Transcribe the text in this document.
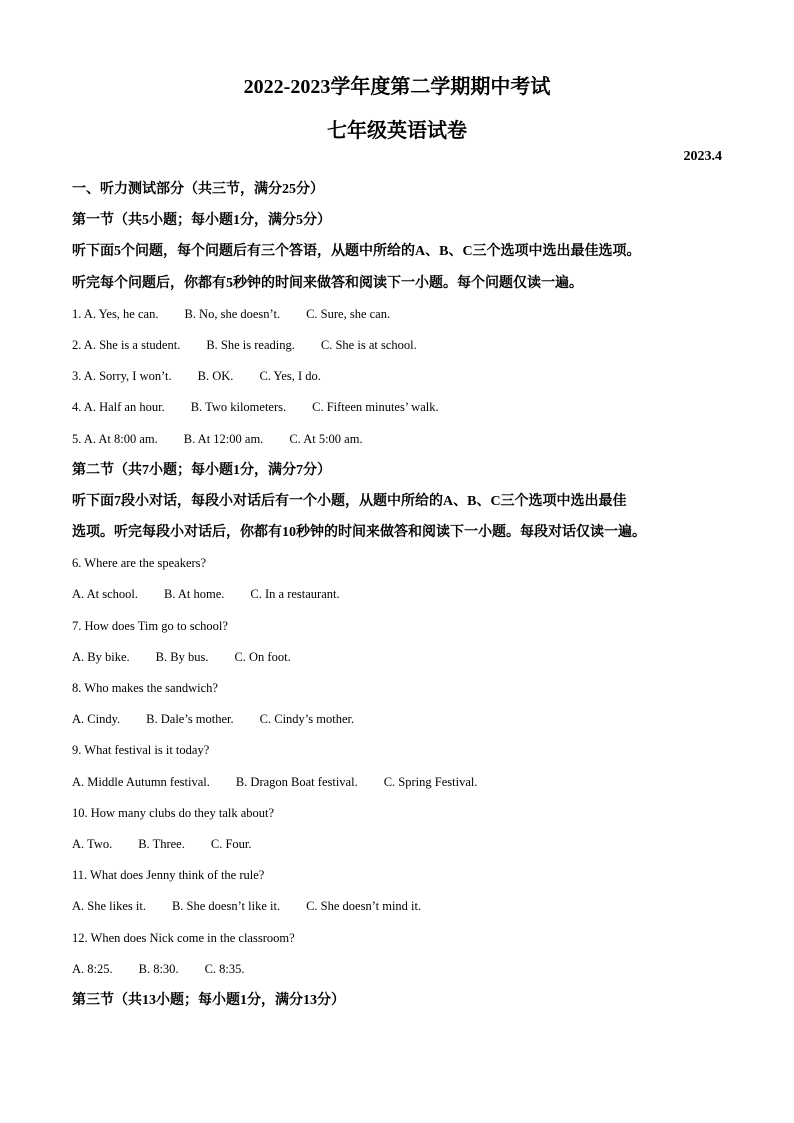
2022-2023学年度第二学期期中考试
七年级英语试卷
2023.4
一、听力测试部分（共三节，满分25分）
第一节（共5小题；每小题1分，满分5分）
听下面5个问题，每个问题后有三个答语，从题中所给的A、B、C三个选项中选出最佳选项。
听完每个问题后，你都有5秒钟的时间来做答和阅读下一小题。每个问题仅读一遍。
1. A. Yes, he can. B. No, she doesn’t. C. Sure, she can.
2. A. She is a student. B. She is reading. C. She is at school.
3. A. Sorry, I won’t. B. OK. C. Yes, I do.
4. A. Half an hour. B. Two kilometers. C. Fifteen minutes’ walk.
5. A. At 8:00 am. B. At 12:00 am. C. At 5:00 am.
第二节（共7小题；每小题1分，满分7分）
听下面7段小对话，每段小对话后有一个小题，从题中所给的A、B、C三个选项中选出最佳
选项。听完每段小对话后，你都有10秒钟的时间来做答和阅读下一小题。每段对话仅读一遍。
6. Where are the speakers?
A. At school. B. At home. C. In a restaurant.
7. How does Tim go to school?
A. By bike. B. By bus. C. On foot.
8. Who makes the sandwich?
A. Cindy. B. Dale’s mother. C. Cindy’s mother.
9. What festival is it today?
A. Middle Autumn festival. B. Dragon Boat festival. C. Spring Festival.
10. How many clubs do they talk about?
A. Two. B. Three. C. Four.
11. What does Jenny think of the rule?
A. She likes it. B. She doesn’t like it. C. She doesn’t mind it.
12. When does Nick come in the classroom?
A. 8:25. B. 8:30. C. 8:35.
第三节（共13小题；每小题1分，满分13分）
